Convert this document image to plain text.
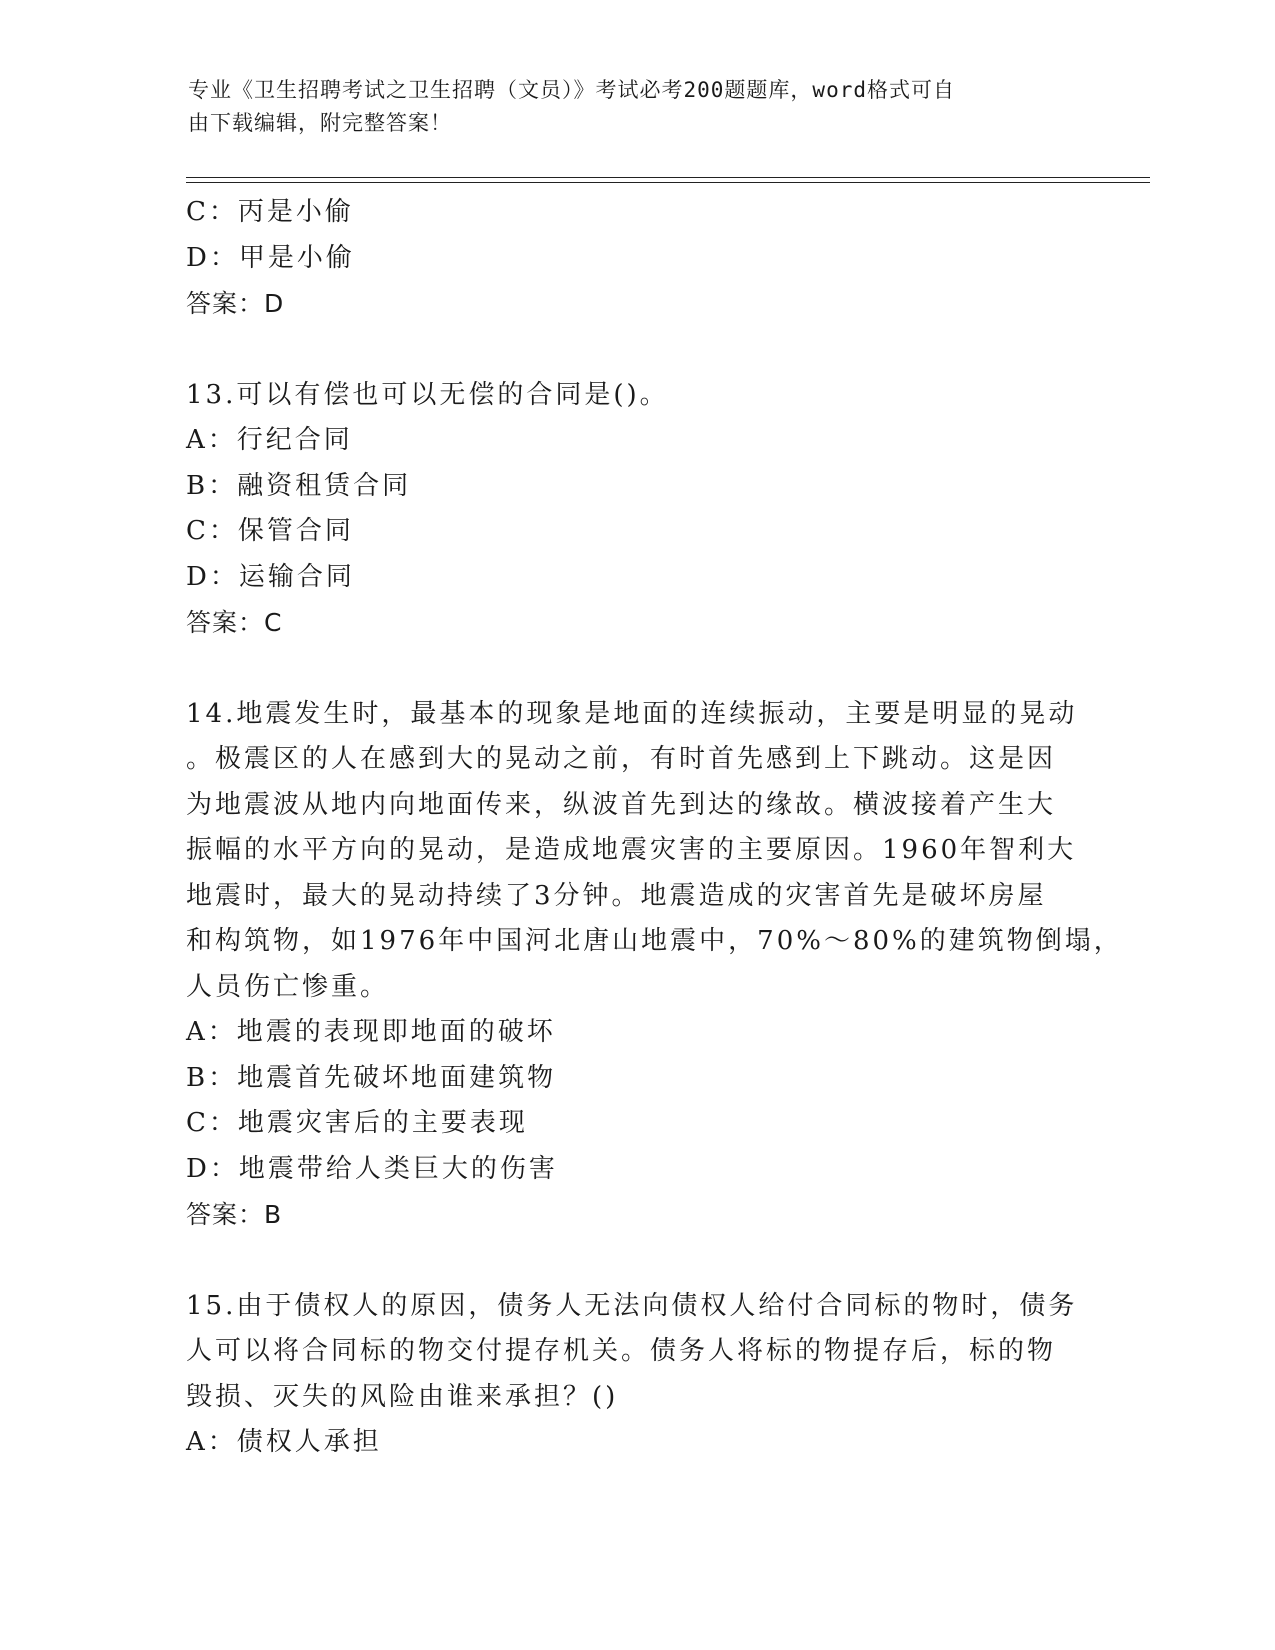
专业《卫生招聘考试之卫生招聘（文员）》考试必考200题题库，word格式可自
由下载编辑，附完整答案！
C：丙是小偷
D：甲是小偷
答案：D
13.可以有偿也可以无偿的合同是()。
A：行纪合同
B：融资租赁合同
C：保管合同
D：运输合同
答案：C
14.地震发生时，最基本的现象是地面的连续振动，主要是明显的晃动
。极震区的人在感到大的晃动之前，有时首先感到上下跳动。这是因
为地震波从地内向地面传来，纵波首先到达的缘故。横波接着产生大
振幅的水平方向的晃动，是造成地震灾害的主要原因。1960年智利大
地震时，最大的晃动持续了3分钟。地震造成的灾害首先是破坏房屋
和构筑物，如1976年中国河北唐山地震中，70%～80%的建筑物倒塌，
人员伤亡惨重。
A：地震的表现即地面的破坏
B：地震首先破坏地面建筑物
C：地震灾害后的主要表现
D：地震带给人类巨大的伤害
答案：B
15.由于债权人的原因，债务人无法向债权人给付合同标的物时，债务
人可以将合同标的物交付提存机关。债务人将标的物提存后，标的物
毁损、灭失的风险由谁来承担？()
A：债权人承担
